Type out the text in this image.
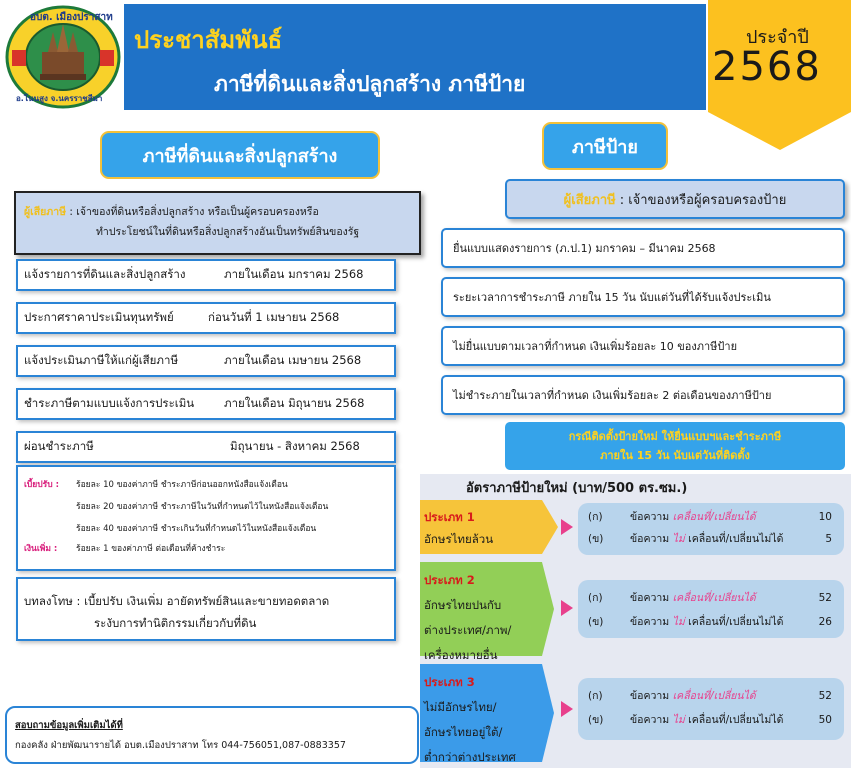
อบต. เมืองปราสาท
อ.โนนสูง จ.นครราชสีมา
ประชาสัมพันธ์
ภาษีที่ดินและสิ่งปลูกสร้าง ภาษีป้าย
ประจำปี
2568
ภาษีที่ดินและสิ่งปลูกสร้าง	ภาษีป้าย
ผู้เสียภาษี : เจ้าของที่ดินหรือสิ่งปลูกสร้าง หรือเป็นผู้ครอบครองหรือ
ทำประโยชน์ในที่ดินหรือสิ่งปลูกสร้างอันเป็นทรัพย์สินของรัฐ
แจ้งรายการที่ดินและสิ่งปลูกสร้าง	ภายในเดือน มกราคม 2568
ประกาศราคาประเมินทุนทรัพย์	ก่อนวันที่ 1 เมษายน 2568
แจ้งประเมินภาษีให้แก่ผู้เสียภาษี	ภายในเดือน เมษายน 2568
ชำระภาษีตามแบบแจ้งการประเมิน	ภายในเดือน มิถุนายน 2568
ผ่อนชำระภาษี	มิถุนายน - สิงหาคม 2568
เบี้ยปรับ : ร้อยละ 10 ของค่าภาษี ชำระภาษีก่อนออกหนังสือแจ้งเตือน
ร้อยละ 20 ของค่าภาษี ชำระภาษีในวันที่กำหนดไว้ในหนังสือแจ้งเตือน
ร้อยละ 40 ของค่าภาษี ชำระเกินวันที่กำหนดไว้ในหนังสือแจ้งเตือน
เงินเพิ่ม : ร้อยละ 1 ของค่าภาษี ต่อเดือนที่ค้างชำระ
บทลงโทษ : เบี้ยปรับ เงินเพิ่ม อายัดทรัพย์สินและขายทอดตลาด
ระงับการทำนิติกรรมเกี่ยวกับที่ดิน
สอบถามข้อมูลเพิ่มเติมได้ที่
กองคลัง ฝ่ายพัฒนารายได้ อบต.เมืองปราสาท โทร 044-756051,087-0883357
ผู้เสียภาษี : เจ้าของหรือผู้ครอบครองป้าย
ยื่นแบบแสดงรายการ (ภ.ป.1) มกราคม – มีนาคม 2568
ระยะเวลาการชำระภาษี ภายใน 15 วัน นับแต่วันที่ได้รับแจ้งประเมิน
ไม่ยื่นแบบตามเวลาที่กำหนด เงินเพิ่มร้อยละ 10 ของภาษีป้าย
ไม่ชำระภายในเวลาที่กำหนด เงินเพิ่มร้อยละ 2 ต่อเดือนของภาษีป้าย
กรณีติดตั้งป้ายใหม่ ให้ยื่นแบบฯและชำระภาษี
ภายใน 15 วัน นับแต่วันที่ติดตั้ง
อัตราภาษีป้ายใหม่ (บาท/500 ตร.ซม.)
ประเภท 1
อักษรไทยล้วน
(ก)	ข้อความ เคลื่อนที่/เปลี่ยนได้	10
(ข)	ข้อความ ไม่ เคลื่อนที่/เปลี่ยนไม่ได้	5
ประเภท 2
อักษรไทยปนกับ
ต่างประเทศ/ภาพ/
เครื่องหมายอื่น
(ก)	ข้อความ เคลื่อนที่/เปลี่ยนได้	52
(ข)	ข้อความ ไม่ เคลื่อนที่/เปลี่ยนไม่ได้	26
ประเภท 3
ไม่มีอักษรไทย/
อักษรไทยอยู่ใต้/
ต่ำกว่าต่างประเทศ
(ก)	ข้อความ เคลื่อนที่/เปลี่ยนได้	52
(ข)	ข้อความ ไม่ เคลื่อนที่/เปลี่ยนไม่ได้	50
